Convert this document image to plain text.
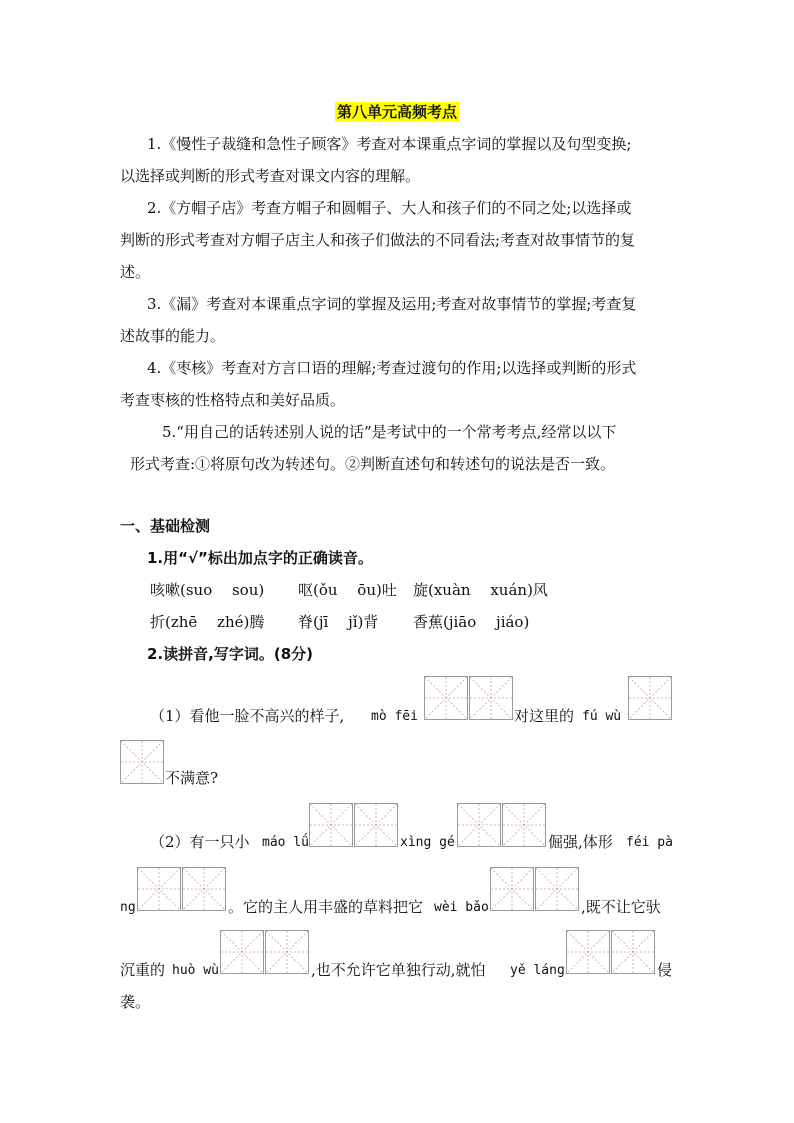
第八单元高频考点
1.《慢性子裁缝和急性子顾客》考查对本课重点字词的掌握以及句型变换;
以选择或判断的形式考查对课文内容的理解。
2.《方帽子店》考查方帽子和圆帽子、大人和孩子们的不同之处;以选择或
判断的形式考查对方帽子店主人和孩子们做法的不同看法;考查对故事情节的复
述。
3.《漏》考查对本课重点字词的掌握及运用;考查对故事情节的掌握;考查复
述故事的能力。
4.《枣核》考查对方言口语的理解;考查过渡句的作用;以选择或判断的形式
考查枣核的性格特点和美好品质。
5.“用自己的话转述别人说的话”是考试中的一个常考考点,经常以以下
形式考查:①将原句改为转述句。②判断直述句和转述句的说法是否一致。
一、基础检测
1.用“√”标出加点字的正确读音。
咳嗽(suo　 sou) 呕(ǒu　 ōu)吐 旋(xuàn　 xuán)风
折(zhē　 zhé)腾 脊(jī　 jǐ)背 香蕉(jiāo　 jiáo)
2.读拼音,写字词。(8分)
（1）看他一脸不高兴的样子, mò fēi	对这里的 fú wù
不满意?
（2）有一只小 máo lǘ	xìng gé	倔强,体形 féi pà
ng	。它的主人用丰盛的草料把它 wèi bǎo	,既不让它驮
沉重的 huò wù	,也不允许它单独行动,就怕 yě láng	侵
袭。
